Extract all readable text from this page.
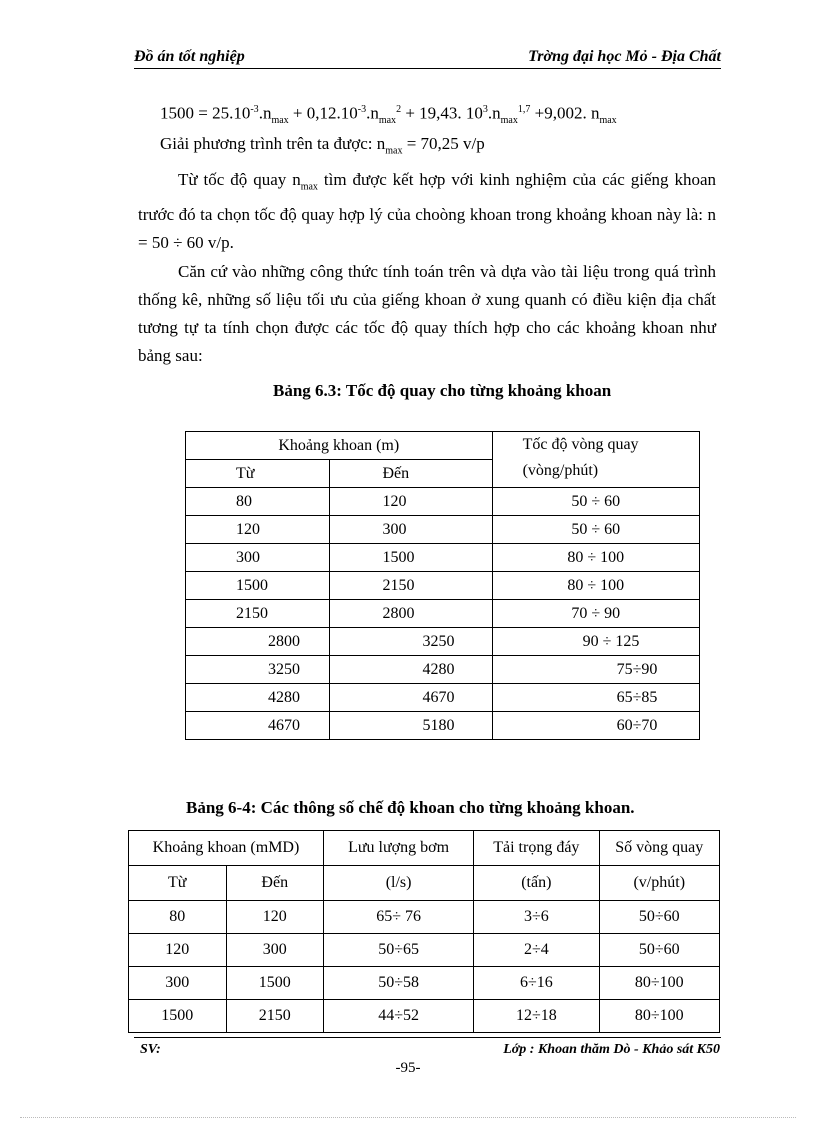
Đồ án tốt nghiệp	Trờng đại học Mỏ - Địa Chất
$1500 = 25.10^{-3}.n_{max} + 0,12.10^{-3}.n_{max}^2 + 19,43$. $10^3.n_{max}^{1,7} +9,002$. $n_{max}$
Giải phương trình trên ta được: $n_{max} = 70,25$ v/p
Từ tốc độ quay $n_{max}$ tìm được kết hợp với kinh nghiệm của các giếng khoan trước đó ta chọn tốc độ quay hợp lý của choòng khoan trong khoảng khoan này là: n = 50 ÷ 60 v/p.
Căn cứ vào những công thức tính toán trên và dựa vào tài liệu trong quá trình thống kê, những số liệu tối ưu của giếng khoan ở xung quanh có điều kiện địa chất tương tự ta tính chọn được các tốc độ quay thích hợp cho các khoảng khoan như bảng sau:
Bảng 6.3: Tốc độ quay cho từng khoảng khoan
Khoảng khoan (m)		Tốc độ vòng quay
(vòng/phút)
Từ	Đến	
80	120	50 ÷ 60
120	300	50 ÷ 60
300	1500	80 ÷ 100
1500	2150	80 ÷ 100
2150	2800	70 ÷ 90
2800	3250	90 ÷ 125
3250	4280	75÷90
4280	4670	65÷85
4670	5180	60÷70
Bảng 6-4: Các thông số chế độ khoan cho từng khoảng khoan.
Khoảng khoan (mMD)		Lưu lượng bơm	Tải trọng đáy	Số vòng quay
Từ	Đến	(l/s)	(tấn)	(v/phút)
80	120	65÷ 76	3÷6	50÷60
120	300	50÷65	2÷4	50÷60
300	1500	50÷58	6÷16	80÷100
1500	2150	44÷52	12÷18	80÷100
SV:	Lớp : Khoan thăm Dò - Khảo sát K50
-95-
